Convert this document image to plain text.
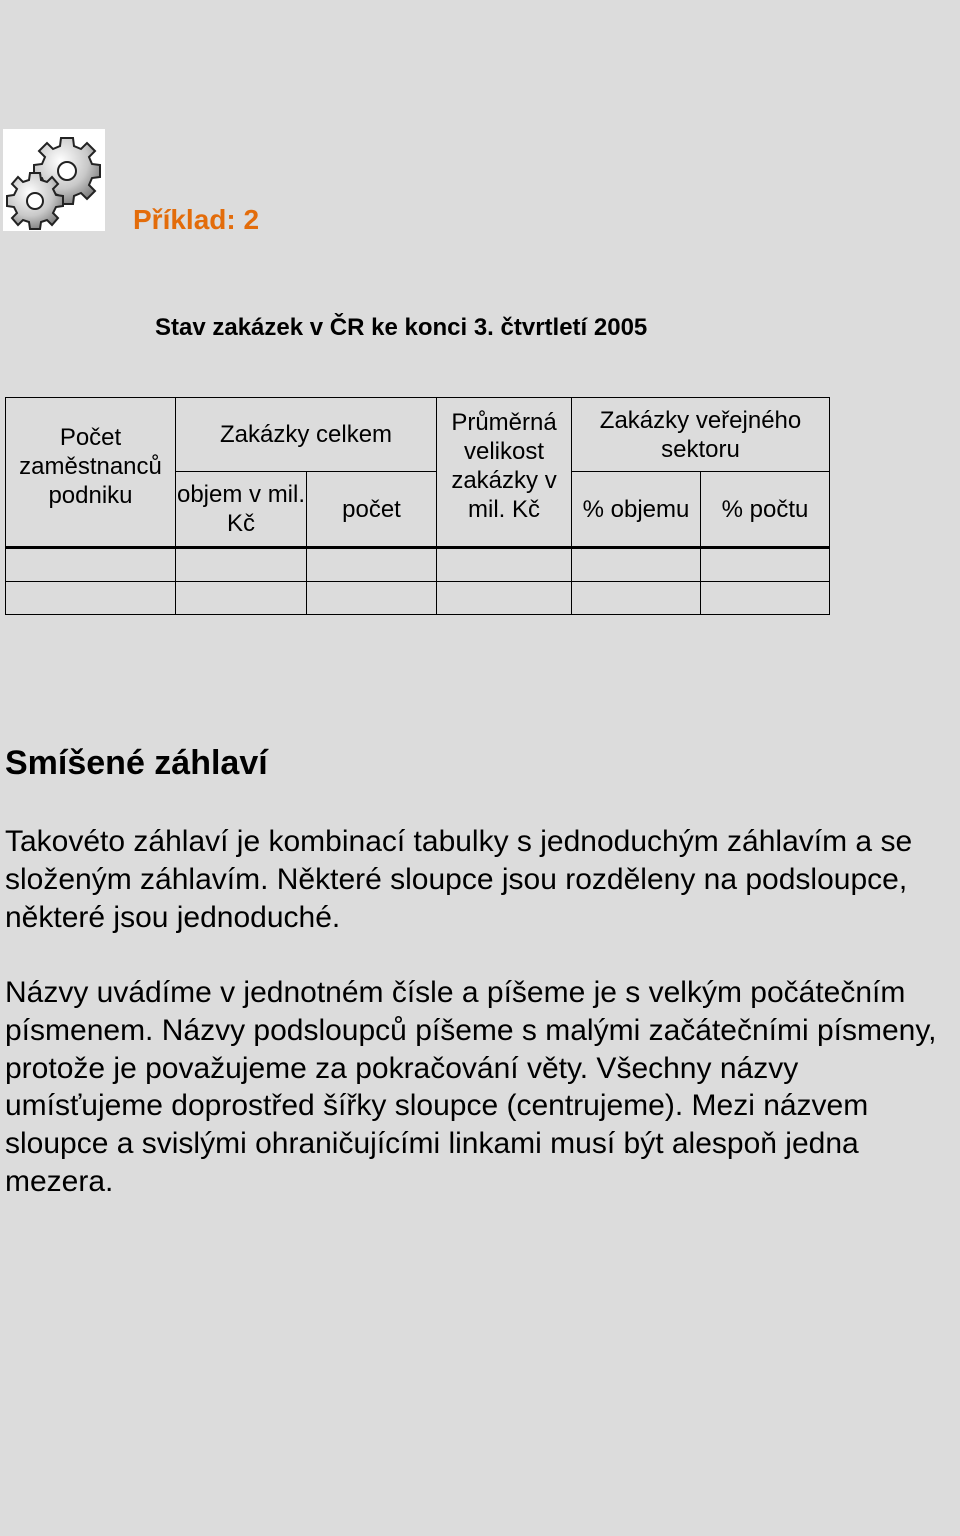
Příklad: 2
Stav zakázek v ČR ke konci 3. čtvrtletí 2005
Počet zaměstnanců podniku	Zakázky celkem		Průměrná velikost zakázky v mil. Kč	Zakázky veřejného sektoru	
	objem v mil. Kč	počet		% objemu	% počtu

Smíšené záhlaví

Takovéto záhlaví je kombinací tabulky s jednoduchým záhlavím a se složeným záhlavím. Některé sloupce jsou rozděleny na podsloupce, některé jsou jednoduché.

Názvy uvádíme v jednotném čísle a píšeme je s velkým počátečním písmenem. Názvy podsloupců píšeme s malými začátečními písmeny, protože je považujeme za pokračování věty. Všechny názvy umísťujeme doprostřed šířky sloupce (centrujeme). Mezi názvem sloupce a svislými ohraničujícími linkami musí být alespoň jedna mezera.
